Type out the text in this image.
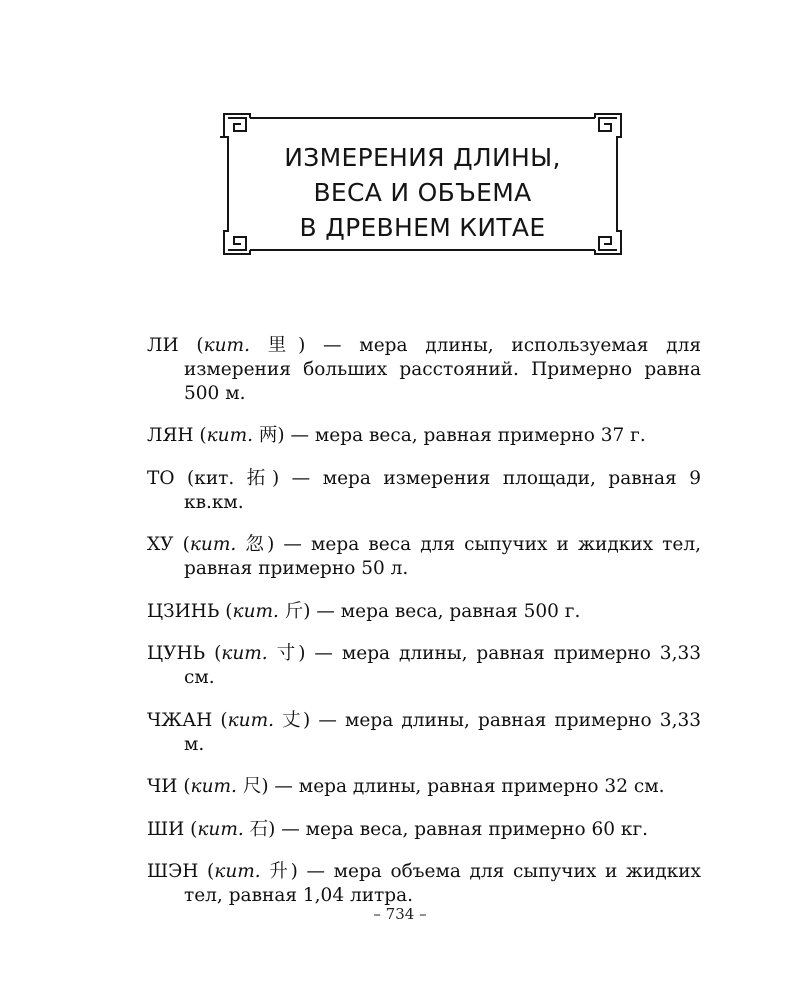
ИЗМЕРЕНИЯ ДЛИНЫ,
ВЕСА И ОБЪЕМА
В ДРЕВНЕМ КИТАЕ

ЛИ (кит. 里) — мера длины, используемая для измерения больших расстояний. Примерно равна 500 м.

ЛЯН (кит. 两) — мера веса, равная примерно 37 г.

ТО (кит. 拓) — мера измерения площади, равная 9 кв.км.

ХУ (кит. 忽) — мера веса для сыпучих и жидких тел, равная примерно 50 л.

ЦЗИНЬ (кит. 斤) — мера веса, равная 500 г.

ЦУНЬ (кит. 寸) — мера длины, равная примерно 3,33 см.

ЧЖАН (кит. 丈) — мера длины, равная примерно 3,33 м.

ЧИ (кит. 尺) — мера длины, равная примерно 32 см.

ШИ (кит. 石) — мера веса, равная примерно 60 кг.

ШЭН (кит. 升) — мера объема для сыпучих и жидких тел, равная 1,04 литра.

– 734 –
